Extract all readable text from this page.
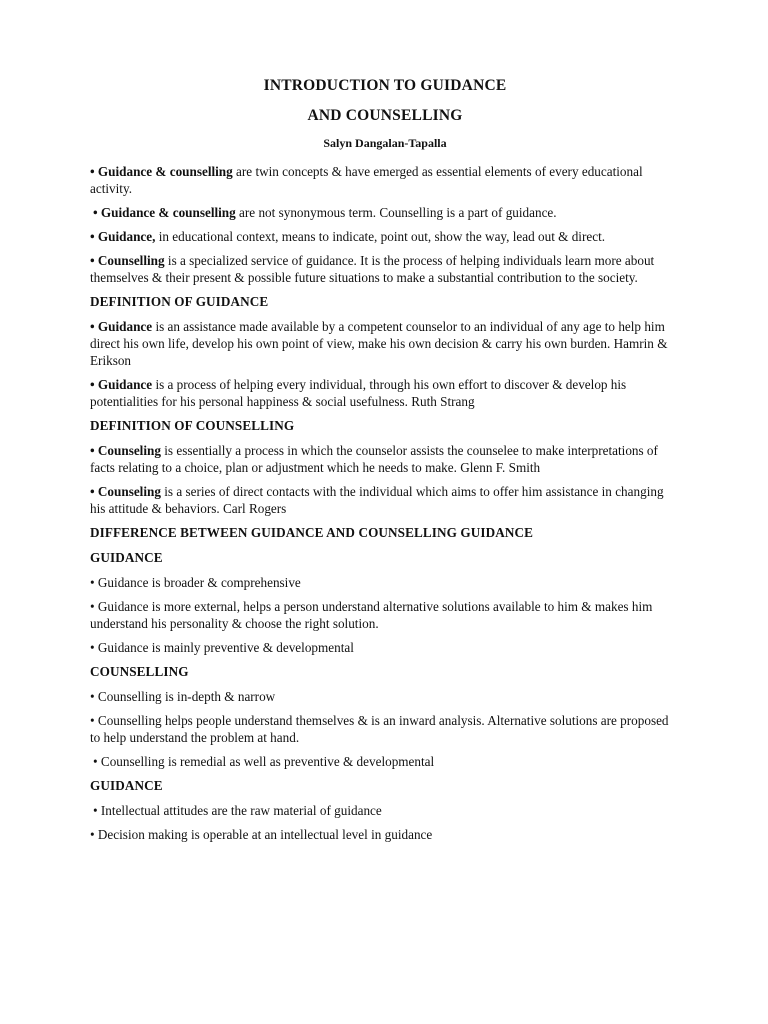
INTRODUCTION TO GUIDANCE
AND COUNSELLING
Salyn Dangalan-Tapalla

• Guidance & counselling are twin concepts & have emerged as essential elements of every educational activity.

• Guidance & counselling are not synonymous term. Counselling is a part of guidance.

• Guidance, in educational context, means to indicate, point out, show the way, lead out & direct.

• Counselling is a specialized service of guidance. It is the process of helping individuals learn more about themselves & their present & possible future situations to make a substantial contribution to the society.

DEFINITION OF GUIDANCE

• Guidance is an assistance made available by a competent counselor to an individual of any age to help him direct his own life, develop his own point of view, make his own decision & carry his own burden. Hamrin & Erikson

• Guidance is a process of helping every individual, through his own effort to discover & develop his potentialities for his personal happiness & social usefulness. Ruth Strang

DEFINITION OF COUNSELLING

• Counseling is essentially a process in which the counselor assists the counselee to make interpretations of facts relating to a choice, plan or adjustment which he needs to make. Glenn F. Smith

• Counseling is a series of direct contacts with the individual which aims to offer him assistance in changing his attitude & behaviors. Carl Rogers

DIFFERENCE BETWEEN GUIDANCE AND COUNSELLING GUIDANCE
GUIDANCE

• Guidance is broader & comprehensive

• Guidance is more external, helps a person understand alternative solutions available to him & makes him understand his personality & choose the right solution.

• Guidance is mainly preventive & developmental

COUNSELLING

• Counselling is in-depth & narrow

• Counselling helps people understand themselves & is an inward analysis. Alternative solutions are proposed to help understand the problem at hand.

• Counselling is remedial as well as preventive & developmental

GUIDANCE

• Intellectual attitudes are the raw material of guidance

• Decision making is operable at an intellectual level in guidance
